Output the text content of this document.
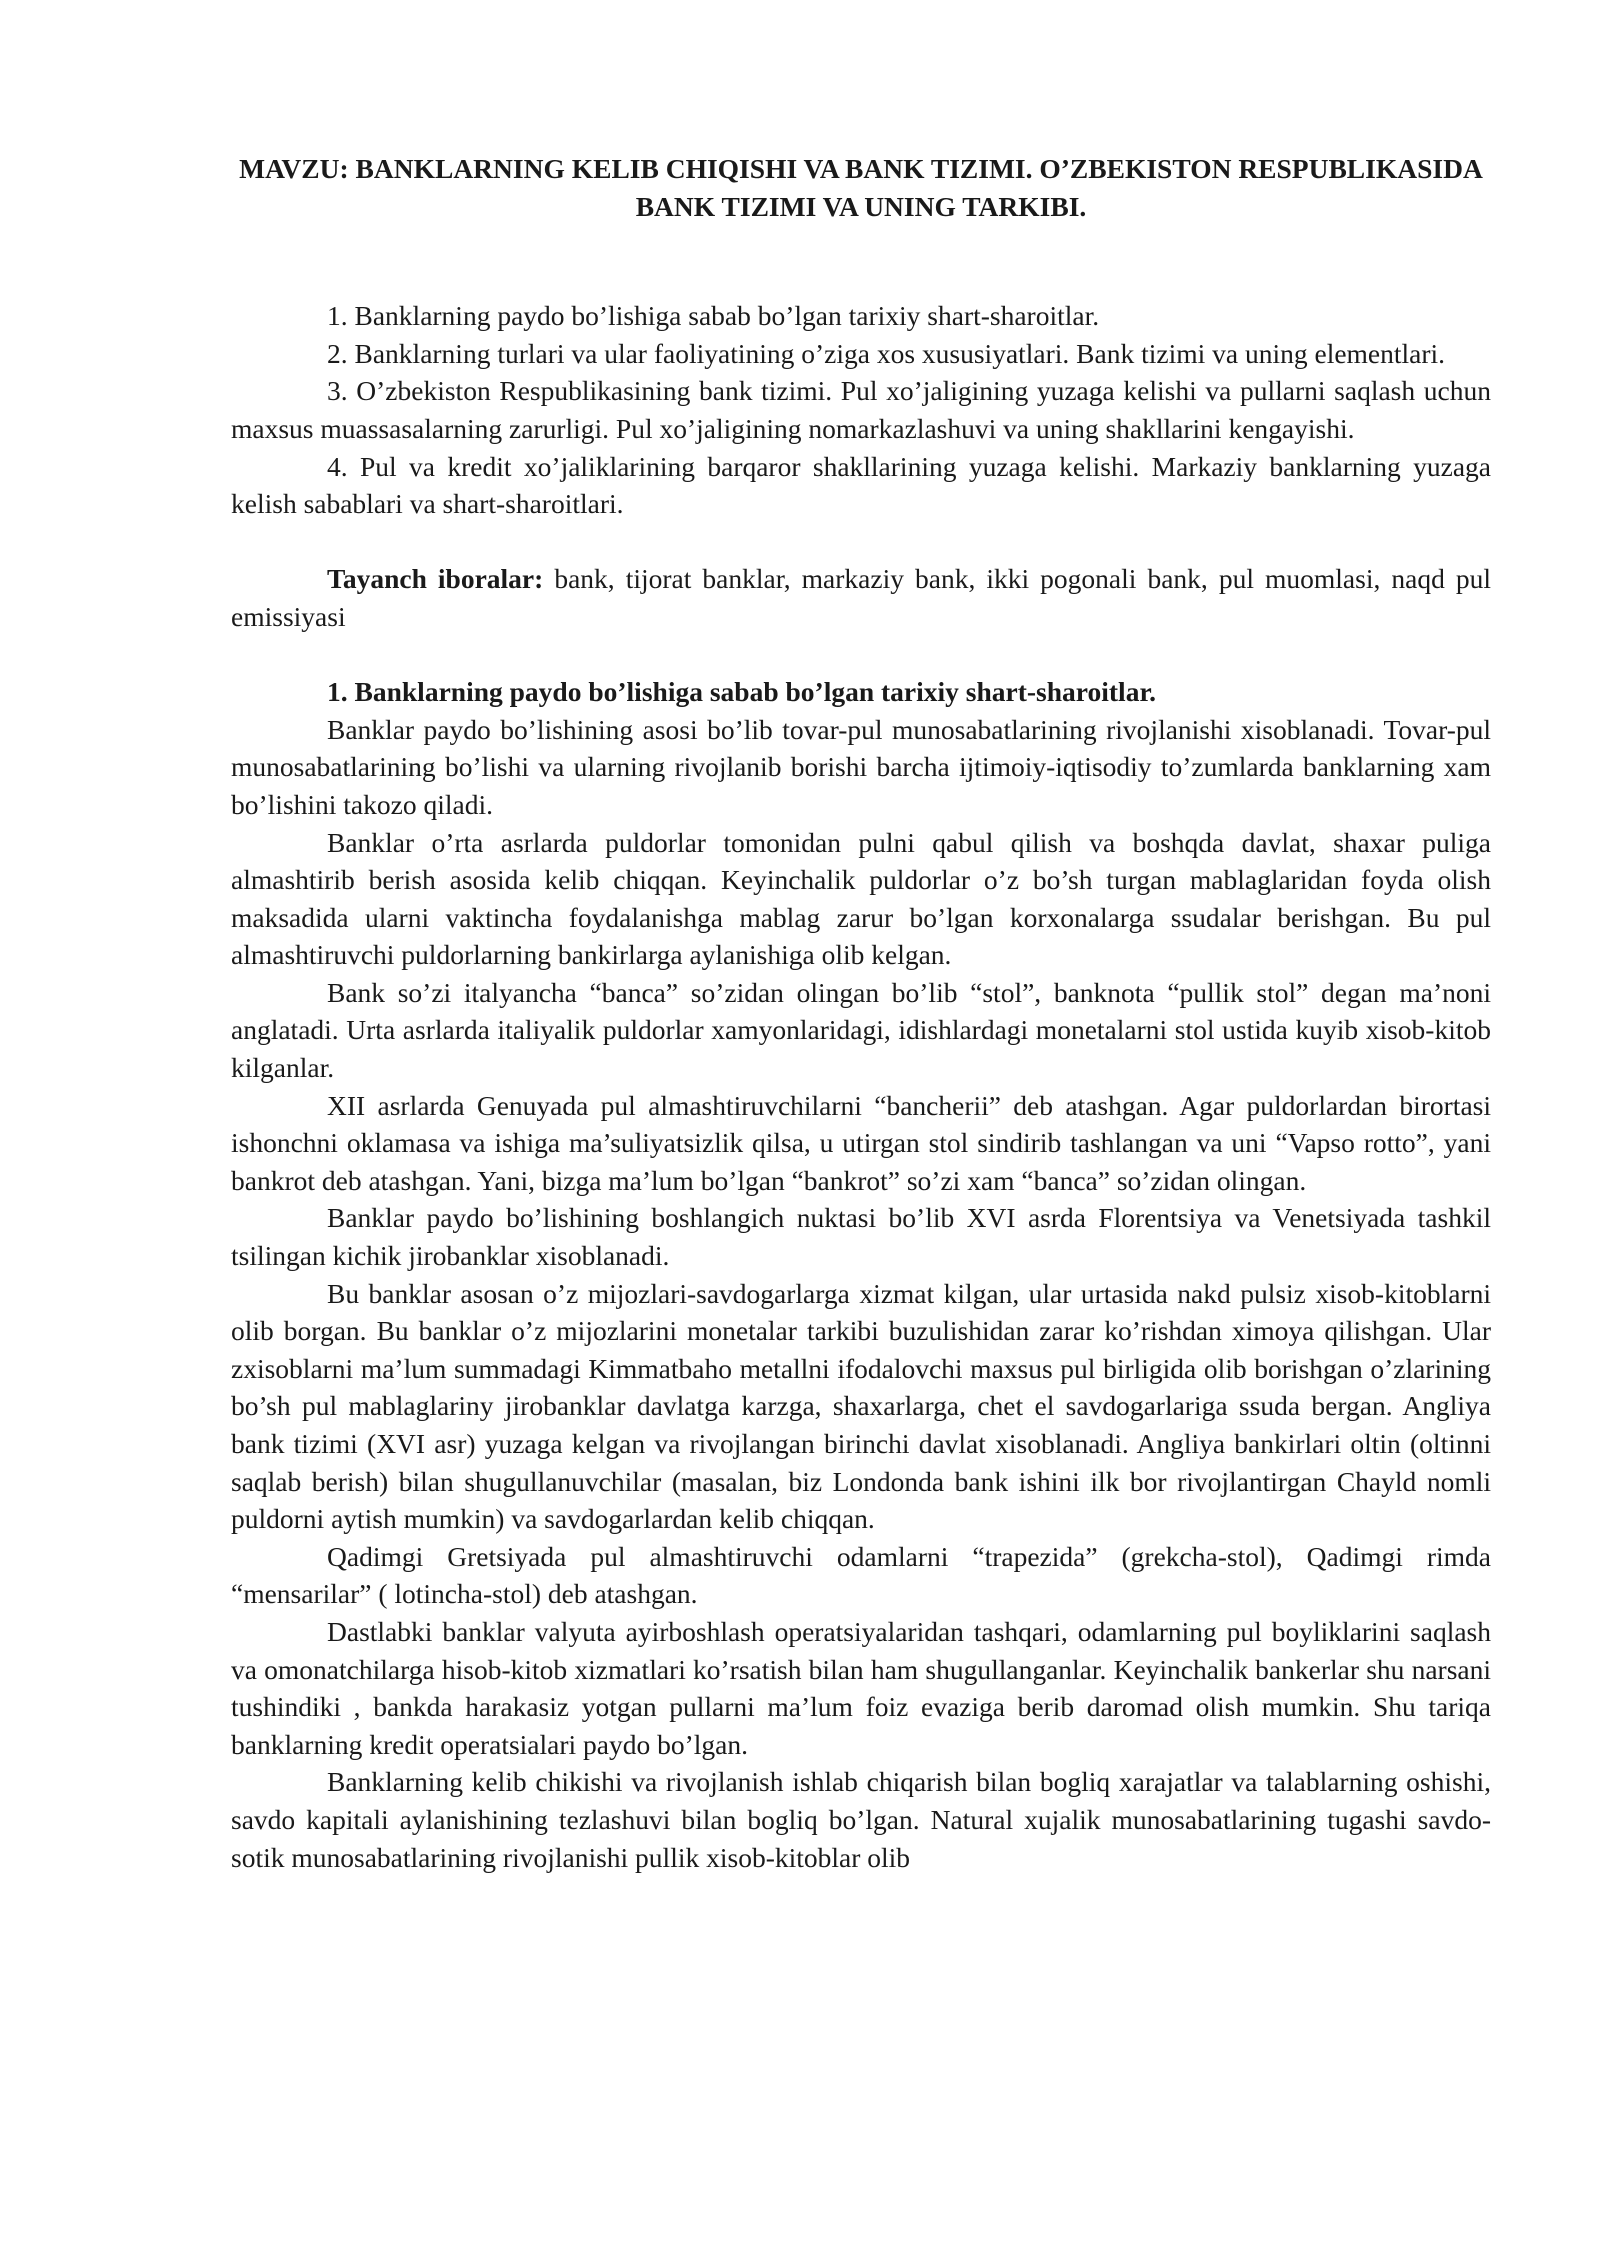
MAVZU: BANKLARNING KELIB CHIQISHI VA BANK TIZIMI. O’ZBEKISTON RESPUBLIKASIDA BANK TIZIMI VA UNING TARKIBI.

1. Banklarning paydo bo’lishiga sabab bo’lgan tarixiy shart-sharoitlar.

2. Banklarning turlari va ular faoliyatining o’ziga xos xususiyatlari. Bank tizimi va uning elementlari.

3. O’zbekiston Respublikasining bank tizimi. Pul xo’jaligining yuzaga kelishi va pullarni saqlash uchun maxsus muassasalarning zarurligi. Pul xo’jaligining nomarkazlashuvi va uning shakllarini kengayishi.

4. Pul va kredit xo’jaliklarining barqaror shakllarining yuzaga kelishi. Markaziy banklarning yuzaga kelish sabablari va shart-sharoitlari.

Tayanch iboralar: bank, tijorat banklar, markaziy bank, ikki pogonali bank, pul muomlasi, naqd pul emissiyasi

1. Banklarning paydo bo’lishiga sabab bo’lgan tarixiy shart-sharoitlar.

Banklar paydo bo’lishining asosi bo’lib tovar-pul munosabatlarining rivojlanishi xisoblanadi. Tovar-pul munosabatlarining bo’lishi va ularning rivojlanib borishi barcha ijtimoiy-iqtisodiy to’zumlarda banklarning xam bo’lishini takozo qiladi.

Banklar o’rta asrlarda puldorlar tomonidan pulni qabul qilish va boshqda davlat, shaxar puliga almashtirib berish asosida kelib chiqqan. Keyinchalik puldorlar o’z bo’sh turgan mablaglaridan foyda olish maksadida ularni vaktincha foydalanishga mablag zarur bo’lgan korxonalarga ssudalar berishgan. Bu pul almashtiruvchi puldorlarning bankirlarga aylanishiga olib kelgan.

Bank so’zi italyancha “banca” so’zidan olingan bo’lib “stol”, banknota “pullik stol” degan ma’noni anglatadi. Urta asrlarda italiyalik puldorlar xamyonlaridagi, idishlardagi monetalarni stol ustida kuyib xisob-kitob kilganlar.

XII asrlarda Genuyada pul almashtiruvchilarni “bancherii” deb atashgan. Agar puldorlardan birortasi ishonchni oklamasa va ishiga ma’suliyatsizlik qilsa, u utirgan stol sindirib tashlangan va uni “Vapso rotto”, yani bankrot deb atashgan. Yani, bizga ma’lum bo’lgan “bankrot” so’zi xam “banca” so’zidan olingan.

Banklar paydo bo’lishining boshlangich nuktasi bo’lib XVI asrda Florentsiya va Venetsiyada tashkil tsilingan kichik jirobanklar xisoblanadi.

Bu banklar asosan o’z mijozlari-savdogarlarga xizmat kilgan, ular urtasida nakd pulsiz xisob-kitoblarni olib borgan. Bu banklar o’z mijozlarini monetalar tarkibi buzulishidan zarar ko’rishdan ximoya qilishgan. Ular zxisoblarni ma’lum summadagi Kimmatbaho metallni ifodalovchi maxsus pul birligida olib borishgan o’zlarining bo’sh pul mablaglariny jirobanklar davlatga karzga, shaxarlarga, chet el savdogarlariga ssuda bergan. Angliya bank tizimi (XVI asr) yuzaga kelgan va rivojlangan birinchi davlat xisoblanadi. Angliya bankirlari oltin (oltinni saqlab berish) bilan shugullanuvchilar (masalan, biz Londonda bank ishini ilk bor rivojlantirgan Chayld nomli puldorni aytish mumkin) va savdogarlardan kelib chiqqan.

Qadimgi Gretsiyada pul almashtiruvchi odamlarni “trapezida” (grekcha-stol), Qadimgi rimda “mensarilar” ( lotincha-stol) deb atashgan.

Dastlabki banklar valyuta ayirboshlash operatsiyalaridan tashqari, odamlarning pul boyliklarini saqlash va omonatchilarga hisob-kitob xizmatlari ko’rsatish bilan ham shugullanganlar. Keyinchalik bankerlar shu narsani tushindiki , bankda harakasiz yotgan pullarni ma’lum foiz evaziga berib daromad olish mumkin. Shu tariqa banklarning kredit operatsialari paydo bo’lgan.

Banklarning kelib chikishi va rivojlanish ishlab chiqarish bilan bogliq xarajatlar va talablarning oshishi, savdo kapitali aylanishining tezlashuvi bilan bogliq bo’lgan. Natural xujalik munosabatlarining tugashi savdo-sotik munosabatlarining rivojlanishi pullik xisob-kitoblar olib
